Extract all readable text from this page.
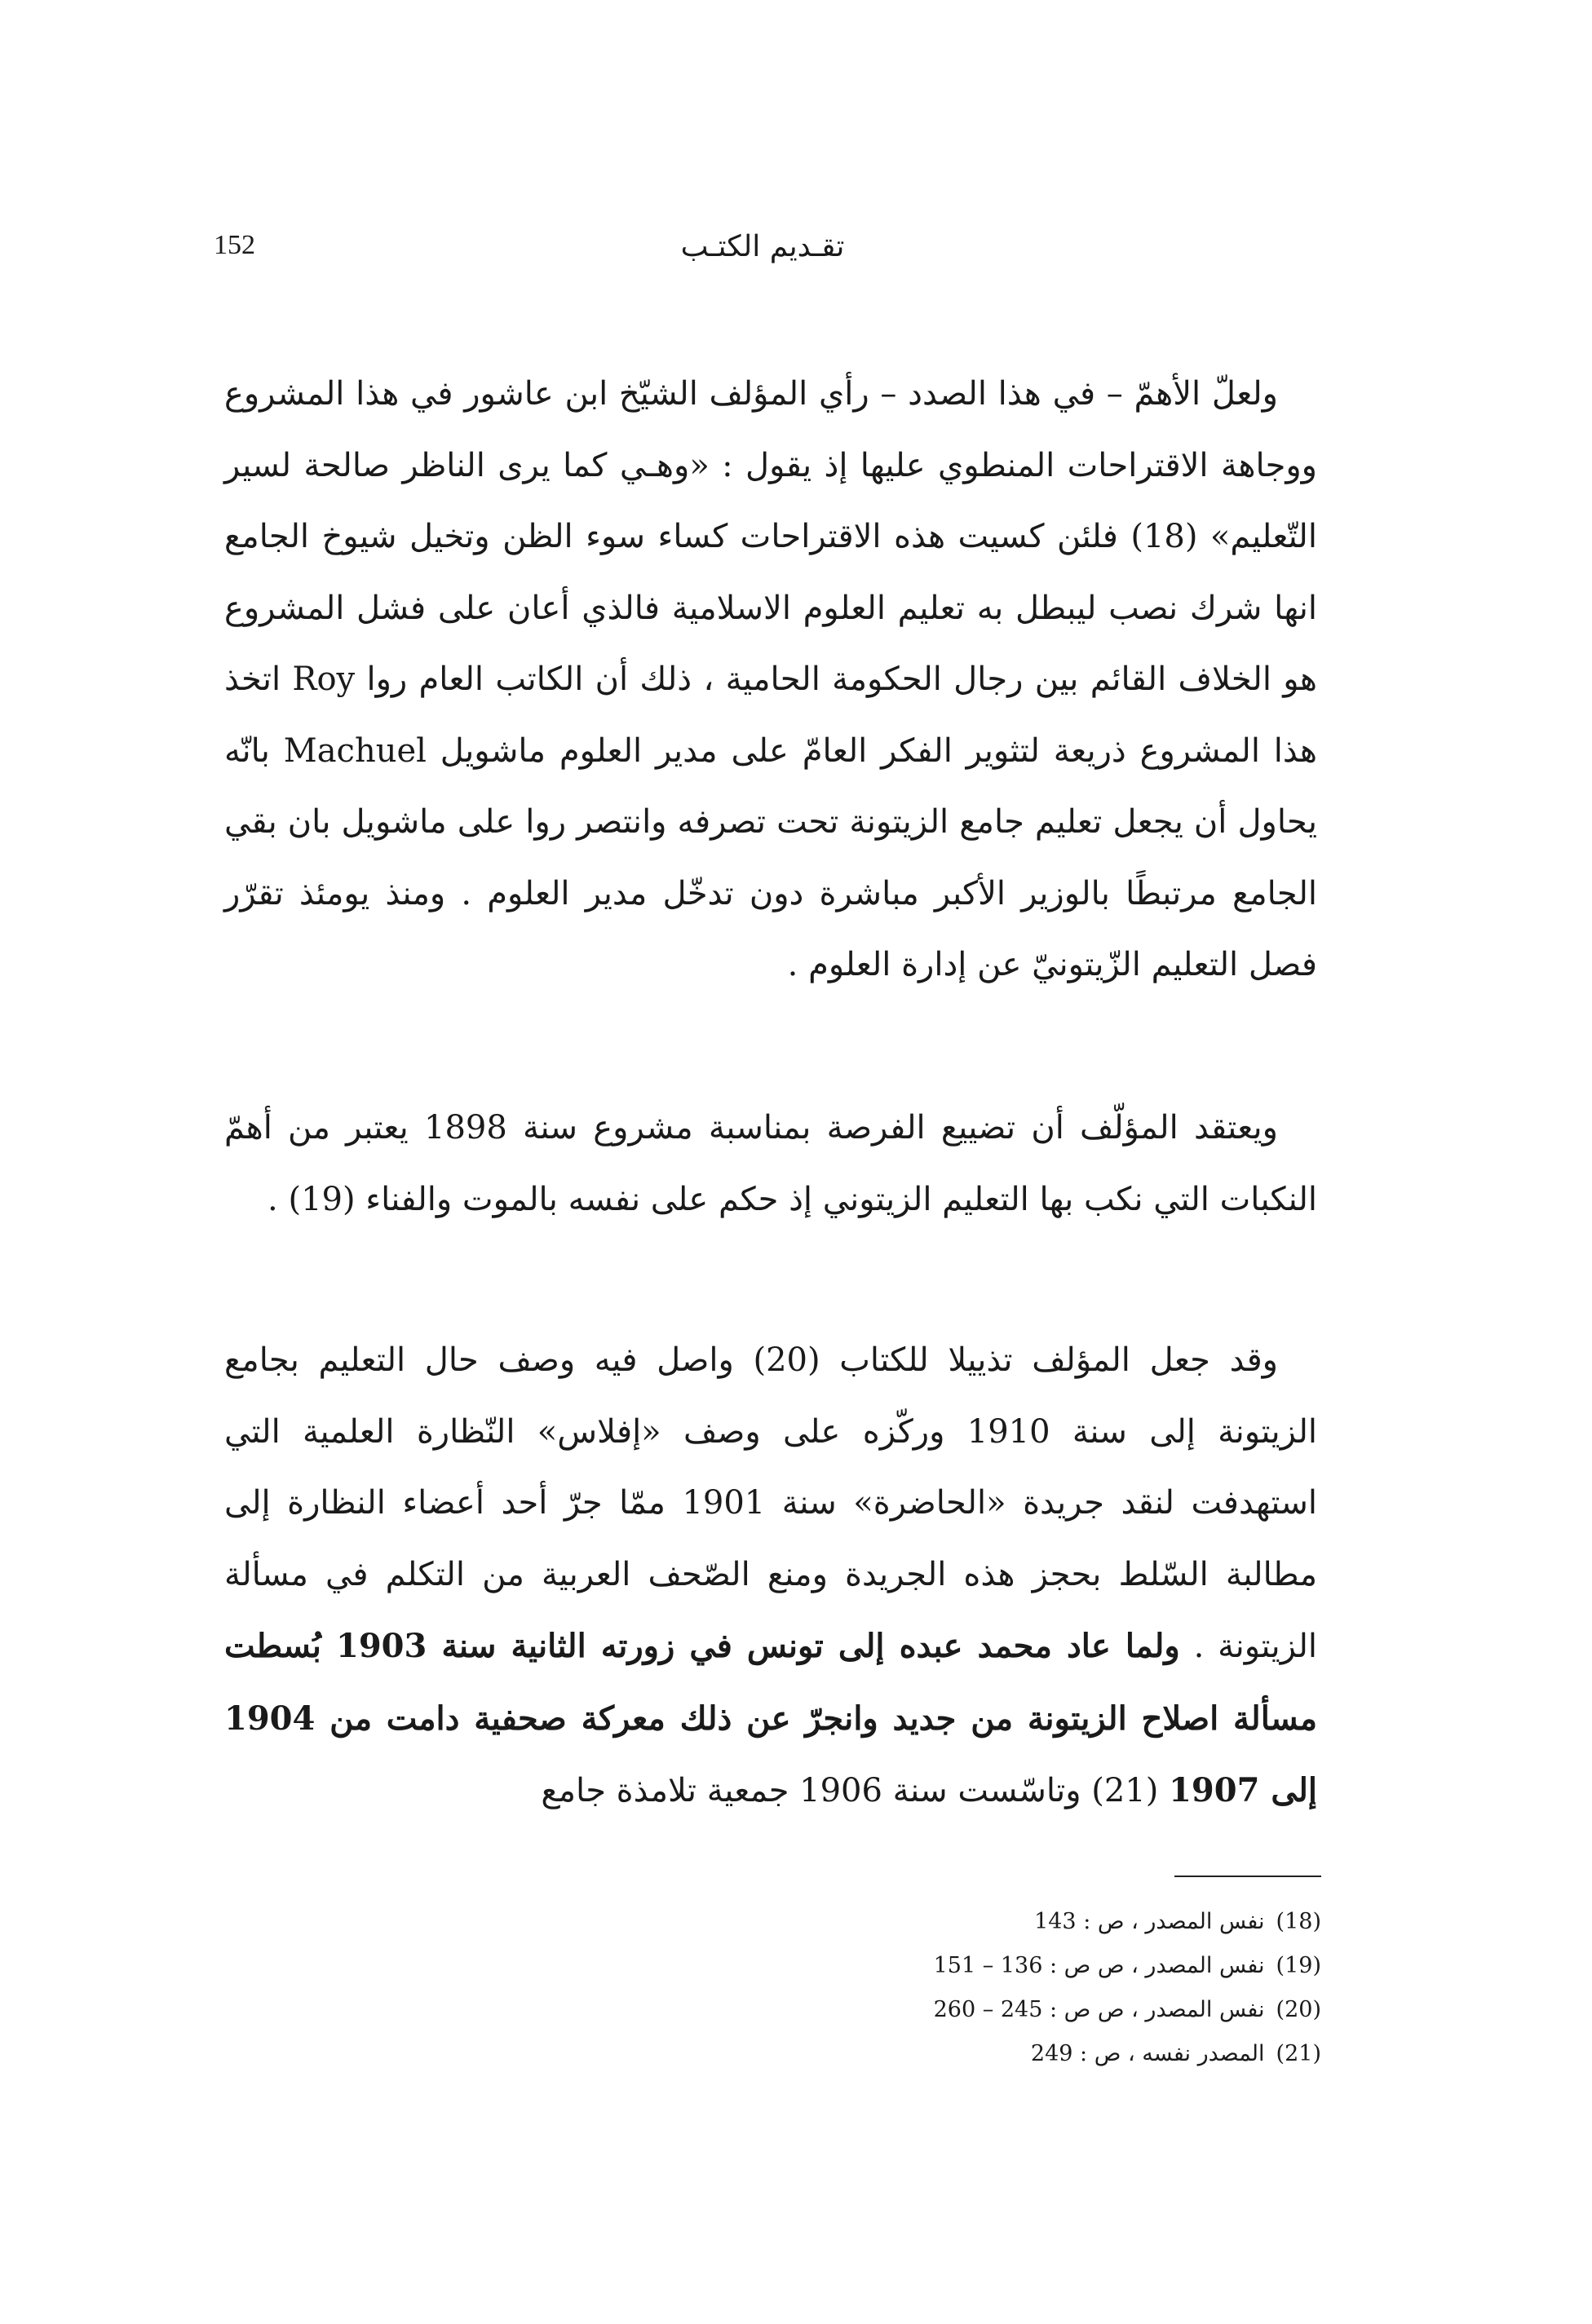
152	تقـديم الكتـب

ولعلّ الأهمّ – في هذا الصدد – رأي المؤلف الشيّخ ابن عاشور في هذا المشروع ووجاهة الاقتراحات المنطوي عليها إذ يقول : «وهـي كما يرى الناظر صالحة لسير التّعليم» (18) فلئن كسيت هذه الاقتراحات كساء سوء الظن وتخيل شيوخ الجامع انها شرك نصب ليبطل به تعليم العلوم الاسلامية فالذي أعان على فشل المشروع هو الخلاف القائم بين رجال الحكومة الحامية ، ذلك أن الكاتب العام روا Roy اتخذ هذا المشروع ذريعة لتثوير الفكر العامّ على مدير العلوم ماشويل Machuel بانّه يحاول أن يجعل تعليم جامع الزيتونة تحت تصرفه وانتصر روا على ماشويل بان بقي الجامع مرتبطًا بالوزير الأكبر مباشرة دون تدخّل مدير العلوم . ومنذ يومئذ تقرّر فصل التعليم الزّيتونيّ عن إدارة العلوم .

ويعتقد المؤلّف أن تضييع الفرصة بمناسبة مشروع سنة 1898 يعتبر من أهمّ النكبات التي نكب بها التعليم الزيتوني إذ حكم على نفسه بالموت والفناء (19) .

وقد جعل المؤلف تذييلا للكتاب (20) واصل فيه وصف حال التعليم بجامع الزيتونة إلى سنة 1910 وركّزه على وصف «إفلاس» النّظارة العلمية التي استهدفت لنقد جريدة «الحاضرة» سنة 1901 ممّا جرّ أحد أعضاء النظارة إلى مطالبة السّلط بحجز هذه الجريدة ومنع الصّحف العربية من التكلم في مسألة الزيتونة . ولما عاد محمد عبده إلى تونس في زورته الثانية سنة 1903 بُسطت مسألة اصلاح الزيتونة من جديد وانجرّ عن ذلك معركة صحفية دامت من 1904 إلى 1907 (21) وتاسّست سنة 1906 جمعية تلامذة جامع

(18)نفس المصدر ، ص : 143
(19)نفس المصدر ، ص ص : 136 – 151
(20)نفس المصدر ، ص ص : 245 – 260
(21)المصدر نفسه ، ص : 249
